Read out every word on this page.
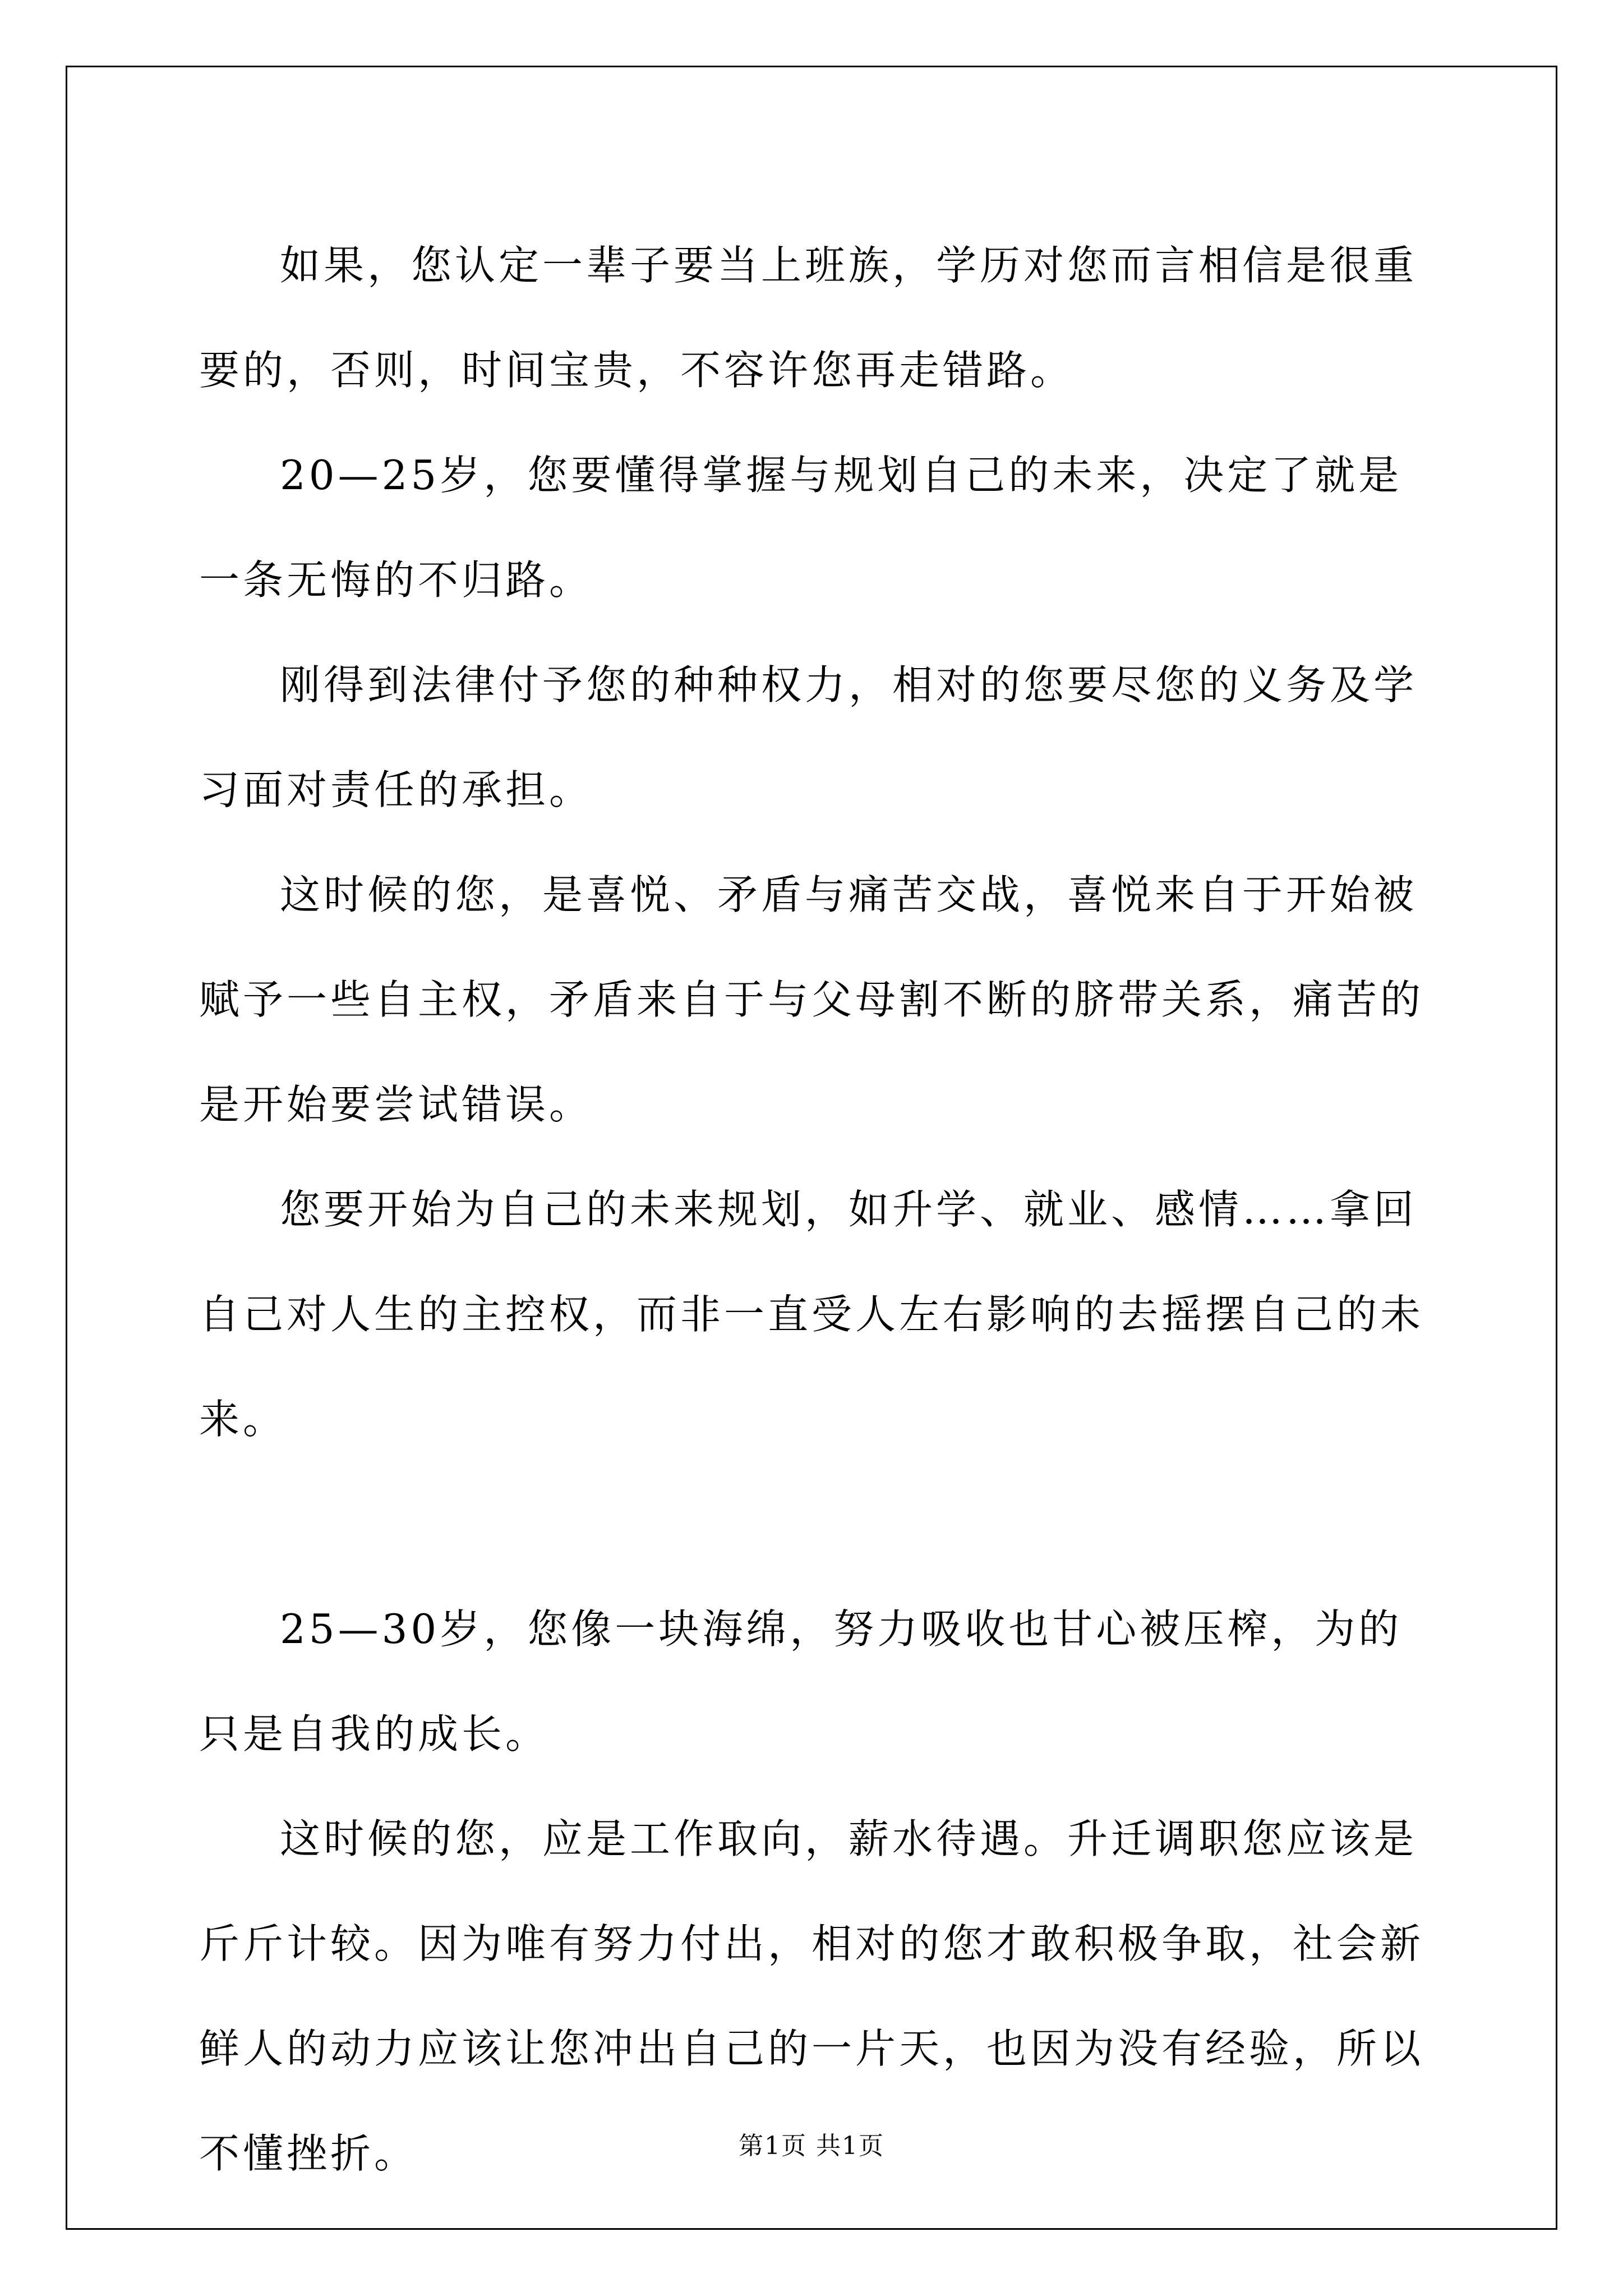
如果，您认定一辈子要当上班族，学历对您而言相信是很重要的，否则，时间宝贵，不容许您再走错路。

20—25岁，您要懂得掌握与规划自己的未来，决定了就是一条无悔的不归路。

刚得到法律付予您的种种权力，相对的您要尽您的义务及学习面对责任的承担。

这时候的您，是喜悦、矛盾与痛苦交战，喜悦来自于开始被赋予一些自主权，矛盾来自于与父母割不断的脐带关系，痛苦的是开始要尝试错误。

您要开始为自己的未来规划，如升学、就业、感情……拿回自己对人生的主控权，而非一直受人左右影响的去摇摆自己的未来。

25—30岁，您像一块海绵，努力吸收也甘心被压榨，为的只是自我的成长。

这时候的您，应是工作取向，薪水待遇。升迁调职您应该是斤斤计较。因为唯有努力付出，相对的您才敢积极争取，社会新鲜人的动力应该让您冲出自己的一片天，也因为没有经验，所以不懂挫折。	第1页 共1页
